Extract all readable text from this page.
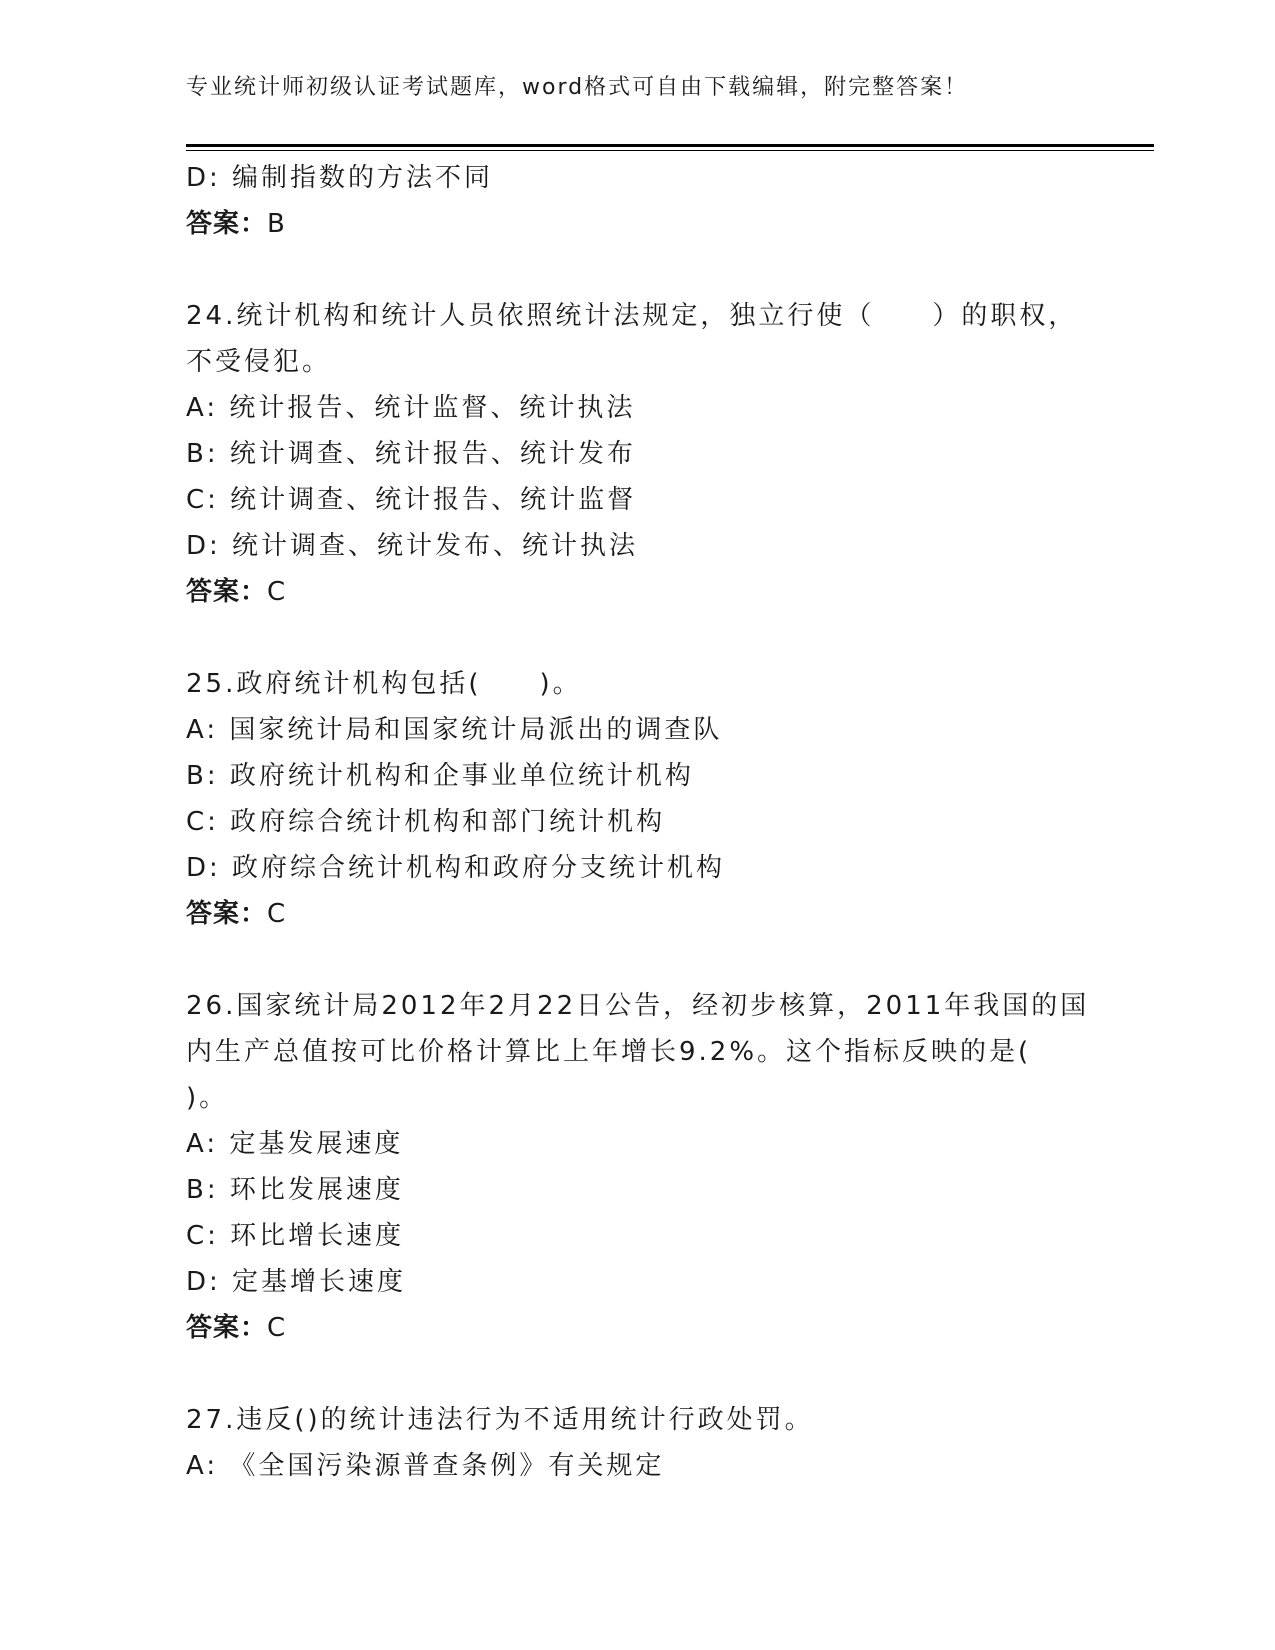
专业统计师初级认证考试题库，word格式可自由下载编辑，附完整答案！
D: 编制指数的方法不同
答案：B
24.统计机构和统计人员依照统计法规定，独立行使（　　）的职权，
不受侵犯。
A: 统计报告、统计监督、统计执法
B: 统计调查、统计报告、统计发布
C: 统计调查、统计报告、统计监督
D: 统计调查、统计发布、统计执法
答案：C
25.政府统计机构包括(　　)。
A: 国家统计局和国家统计局派出的调查队
B: 政府统计机构和企事业单位统计机构
C: 政府综合统计机构和部门统计机构
D: 政府综合统计机构和政府分支统计机构
答案：C
26.国家统计局2012年2月22日公告，经初步核算，2011年我国的国
内生产总值按可比价格计算比上年增长9.2%。这个指标反映的是(
)。
A: 定基发展速度
B: 环比发展速度
C: 环比增长速度
D: 定基增长速度
答案：C
27.违反()的统计违法行为不适用统计行政处罚。
A: 《全国污染源普查条例》有关规定
